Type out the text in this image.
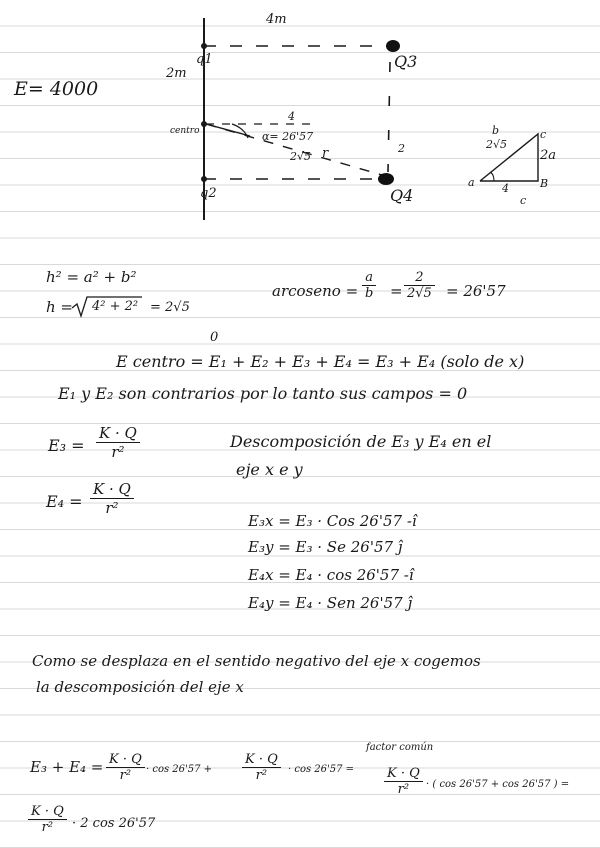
4m
2m
q1
q2
Q3
Q4
centro	α= 26'57
4
2√5 r	2
b
2√5
c
a	B
2a
4
c
E= 4000
h² = a² + b²
h = 4² + 2² = 2√5
arcoseno = $\frac{a}{b} = \frac{2}{2√5} = 26'57$
0
E centro = E₁ + E₂ + E₃ + E₄ = E₃ + E₄ (solo de x)
E₁ y E₂ son contrarios por lo tanto sus campos = 0
$E_3 = \frac{K \cdot Q}{\text{r²}}$
$E_4 = \frac{K \cdot Q}{\text{r²}}$
Descomposición de E₃ y E₄ en el
eje x e y
E₃x = E₃ · Cos 26'57 -î
E₃y = E₃ · Se 26'57 ĵ
E₄x = E₄ · cos 26'57 -î
E₄y = E₄ · Sen 26'57 ĵ
Como se desplaza en el sentido negativo del eje x cogemos
la descomposición del eje x
factor común
$E_3 + E_4 = \frac{K \cdot Q}{\text{r²}} \cdot \cos 26'57 + \frac{K \cdot Q}{\text{r²}} \cdot \cos 26'57 = \frac{K \cdot Q}{\text{r²}}$ · ( cos 26'57 + cos 26'57 ) =
$\frac{K \cdot Q}{\text{r²}} \cdot 2$ cos 26'57
